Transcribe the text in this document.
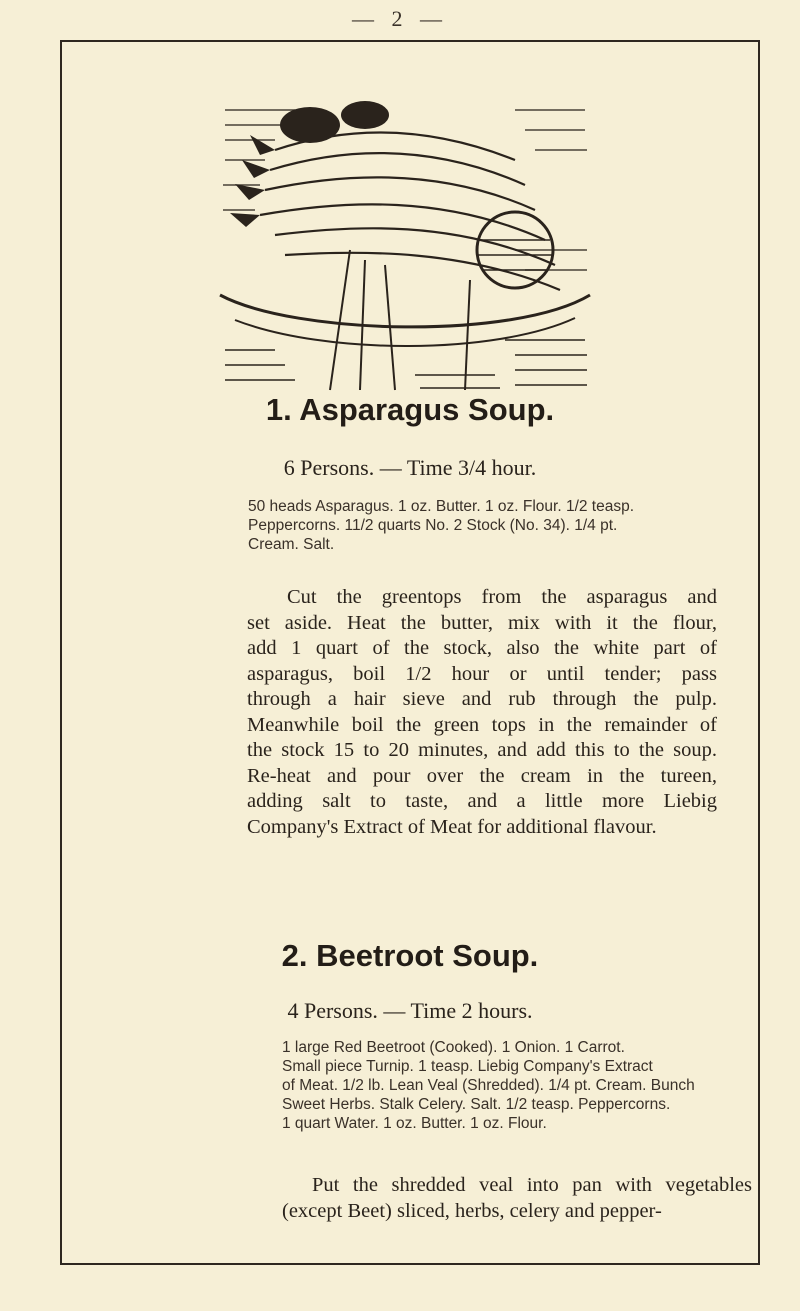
— 2 —
1. Asparagus Soup.
6 Persons. — Time 3/4 hour.
50 heads Asparagus. 1 oz. Butter. 1 oz. Flour. 1/2 teasp.
Peppercorns. 11/2 quarts No. 2 Stock (No. 34). 1/4 pt.
Cream. Salt.
Cut the greentops from the asparagus and
set aside. Heat the butter, mix with it the flour,
add 1 quart of the stock, also the white part of
asparagus, boil 1/2 hour or until tender; pass
through a hair sieve and rub through the pulp.
Meanwhile boil the green tops in the remainder of
the stock 15 to 20 minutes, and add this to the soup.
Re-heat and pour over the cream in the tureen,
adding salt to taste, and a little more Liebig
Company's Extract of Meat for additional flavour.
2. Beetroot Soup.
4 Persons. — Time 2 hours.
1 large Red Beetroot (Cooked). 1 Onion. 1 Carrot.
Small piece Turnip. 1 teasp. Liebig Company's Extract
of Meat. 1/2 lb. Lean Veal (Shredded). 1/4 pt. Cream. Bunch
Sweet Herbs. Stalk Celery. Salt. 1/2 teasp. Peppercorns.
1 quart Water. 1 oz. Butter. 1 oz. Flour.
Put the shredded veal into pan with vegetables
(except Beet) sliced, herbs, celery and pepper-
